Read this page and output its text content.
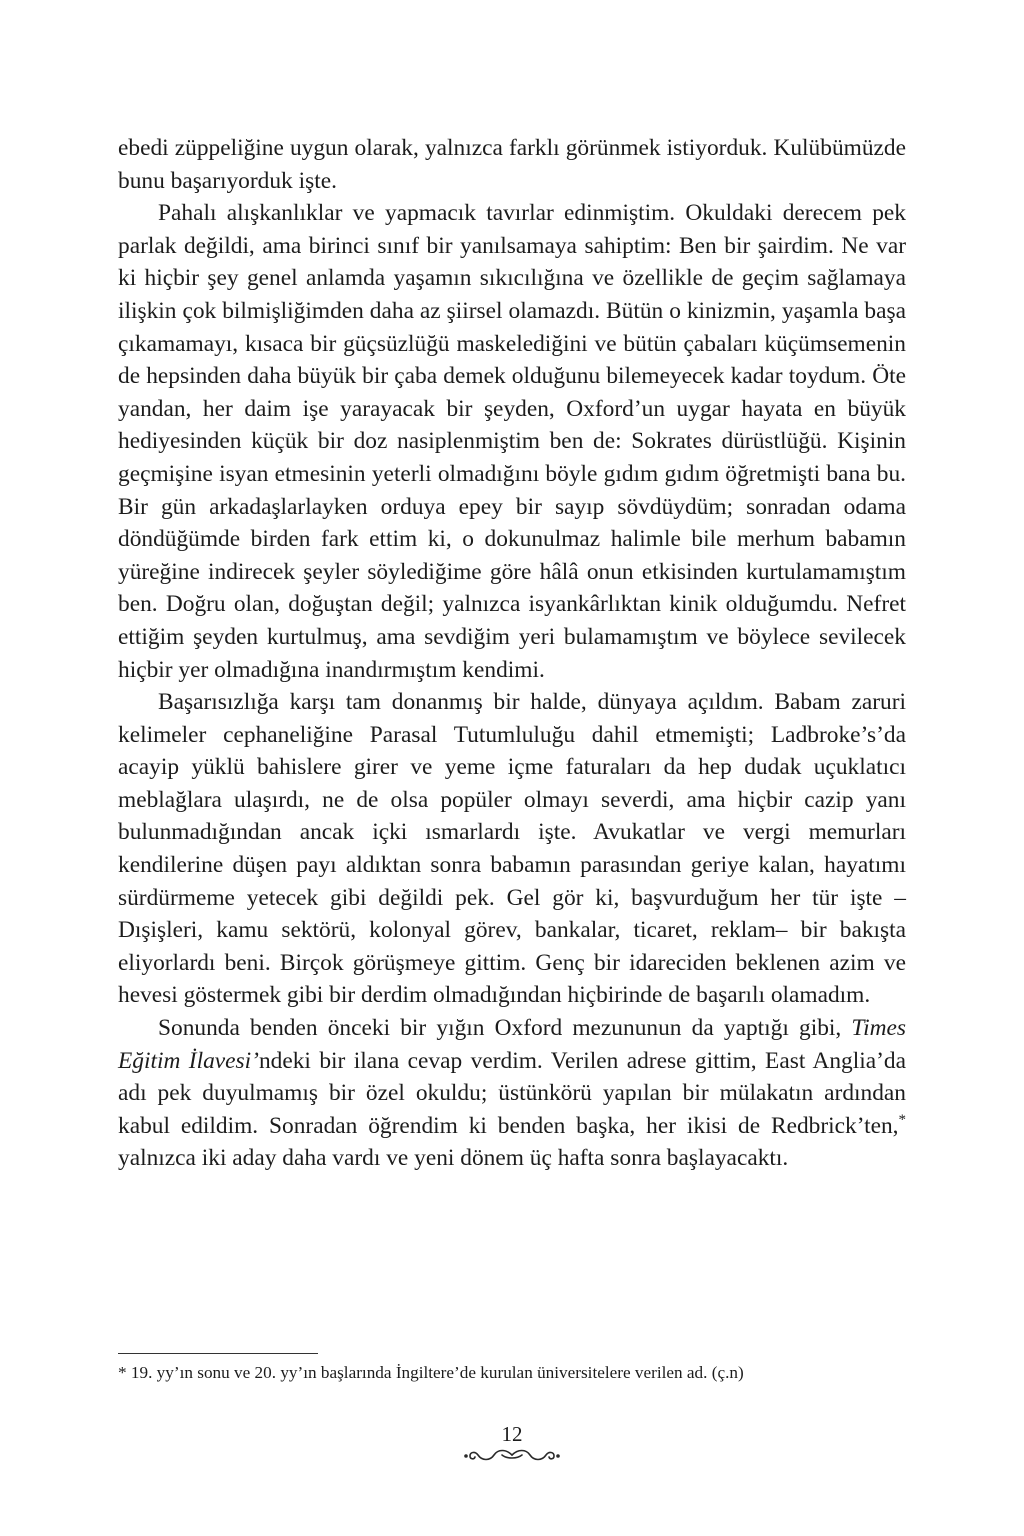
ebedi züppeliğine uygun olarak, yalnızca farklı görünmek istiyorduk. Kulübümüzde bunu başarıyorduk işte.

Pahalı alışkanlıklar ve yapmacık tavırlar edinmiştim. Okuldaki derecem pek parlak değildi, ama birinci sınıf bir yanılsamaya sahiptim: Ben bir şairdim. Ne var ki hiçbir şey genel anlamda yaşamın sıkıcılığına ve özellikle de geçim sağlamaya ilişkin çok bilmişliğimden daha az şiirsel olamazdı. Bütün o kinizmin, yaşamla başa çıkamamayı, kısaca bir güçsüzlüğü maskelediğini ve bütün çabaları küçümsemenin de hepsinden daha büyük bir çaba demek olduğunu bilemeyecek kadar toydum. Öte yandan, her daim işe yarayacak bir şeyden, Oxford’un uygar hayata en büyük hediyesinden küçük bir doz nasiplenmiştim ben de: Sokrates dürüstlüğü. Kişinin geçmişine isyan etmesinin yeterli olmadığını böyle gıdım gıdım öğretmişti bana bu. Bir gün arkadaşlarlayken orduya epey bir sayıp sövdüydüm; sonradan odama döndüğümde birden fark ettim ki, o dokunulmaz halimle bile merhum babamın yüreğine indirecek şeyler söylediğime göre hâlâ onun etkisinden kurtulamamıştım ben. Doğru olan, doğuştan değil; yalnızca isyankârlıktan kinik olduğumdu. Nefret ettiğim şeyden kurtulmuş, ama sevdiğim yeri bulamamıştım ve böylece sevilecek hiçbir yer olmadığına inandırmıştım kendimi.

Başarısızlığa karşı tam donanmış bir halde, dünyaya açıldım. Babam zaruri kelimeler cephaneliğine Parasal Tutumluluğu dahil etmemişti; Ladbroke’s’da acayip yüklü bahislere girer ve yeme içme faturaları da hep dudak uçuklatıcı meblağlara ulaşırdı, ne de olsa popüler olmayı severdi, ama hiçbir cazip yanı bulunmadığından ancak içki ısmarlardı işte. Avukatlar ve vergi memurları kendilerine düşen payı aldıktan sonra babamın parasından geriye kalan, hayatımı sürdürmeme yetecek gibi değildi pek. Gel gör ki, başvurduğum her tür işte –Dışişleri, kamu sektörü, kolonyal görev, bankalar, ticaret, reklam– bir bakışta eliyorlardı beni. Birçok görüşmeye gittim. Genç bir idareciden beklenen azim ve hevesi göstermek gibi bir derdim olmadığından hiçbirinde de başarılı olamadım.

Sonunda benden önceki bir yığın Oxford mezununun da yaptığı gibi, Times Eğitim İlavesi’ndeki bir ilana cevap verdim. Verilen adrese gittim, East Anglia’da adı pek duyulmamış bir özel okuldu; üstünkörü yapılan bir mülakatın ardından kabul edildim. Sonradan öğrendim ki benden başka, her ikisi de Redbrick’ten,* yalnızca iki aday daha vardı ve yeni dönem üç hafta sonra başlayacaktı.

* 19. yy’ın sonu ve 20. yy’ın başlarında İngiltere’de kurulan üniversitelere verilen ad. (ç.n)
12
